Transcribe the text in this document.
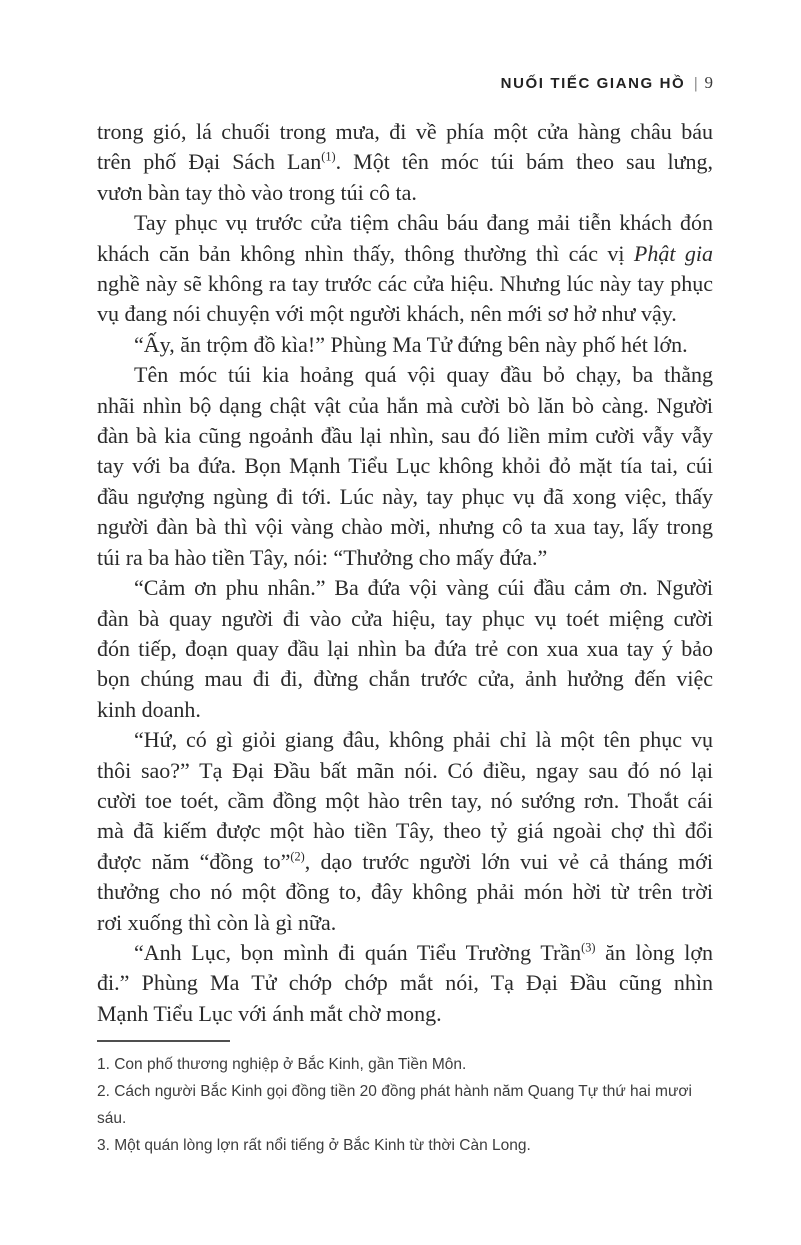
NUỐI TIẾC GIANG HỒ | 9
trong gió, lá chuối trong mưa, đi về phía một cửa hàng châu báu
trên phố Đại Sách Lan$^{(1)}$. Một tên móc túi bám theo sau lưng,
vươn bàn tay thò vào trong túi cô ta.
Tay phục vụ trước cửa tiệm châu báu đang mải tiễn khách đón
khách căn bản không nhìn thấy, thông thường thì các vị Phật gia
nghề này sẽ không ra tay trước các cửa hiệu. Nhưng lúc này tay phục
vụ đang nói chuyện với một người khách, nên mới sơ hở như vậy.
“Ấy, ăn trộm đồ kìa!” Phùng Ma Tử đứng bên này phố hét lớn.
Tên móc túi kia hoảng quá vội quay đầu bỏ chạy, ba thằng
nhãi nhìn bộ dạng chật vật của hắn mà cười bò lăn bò càng. Người
đàn bà kia cũng ngoảnh đầu lại nhìn, sau đó liền mỉm cười vẫy vẫy
tay với ba đứa. Bọn Mạnh Tiểu Lục không khỏi đỏ mặt tía tai, cúi
đầu ngượng ngùng đi tới. Lúc này, tay phục vụ đã xong việc, thấy
người đàn bà thì vội vàng chào mời, nhưng cô ta xua tay, lấy trong
túi ra ba hào tiền Tây, nói: “Thưởng cho mấy đứa.”
“Cảm ơn phu nhân.” Ba đứa vội vàng cúi đầu cảm ơn. Người
đàn bà quay người đi vào cửa hiệu, tay phục vụ toét miệng cười
đón tiếp, đoạn quay đầu lại nhìn ba đứa trẻ con xua xua tay ý bảo
bọn chúng mau đi đi, đừng chắn trước cửa, ảnh hưởng đến việc
kinh doanh.
“Hứ, có gì giỏi giang đâu, không phải chỉ là một tên phục vụ
thôi sao?” Tạ Đại Đầu bất mãn nói. Có điều, ngay sau đó nó lại
cười toe toét, cầm đồng một hào trên tay, nó sướng rơn. Thoắt cái
mà đã kiếm được một hào tiền Tây, theo tỷ giá ngoài chợ thì đổi
được năm “đồng to”$^{(2)}$, dạo trước người lớn vui vẻ cả tháng mới
thưởng cho nó một đồng to, đây không phải món hời từ trên trời
rơi xuống thì còn là gì nữa.
“Anh Lục, bọn mình đi quán Tiểu Trường Trần$^{(3)}$ ăn lòng lợn
đi.” Phùng Ma Tử chớp chớp mắt nói, Tạ Đại Đầu cũng nhìn
Mạnh Tiểu Lục với ánh mắt chờ mong.
1. Con phố thương nghiệp ở Bắc Kinh, gần Tiền Môn.
2. Cách người Bắc Kinh gọi đồng tiền 20 đồng phát hành năm Quang Tự thứ hai mươi sáu.
3. Một quán lòng lợn rất nổi tiếng ở Bắc Kinh từ thời Càn Long.
